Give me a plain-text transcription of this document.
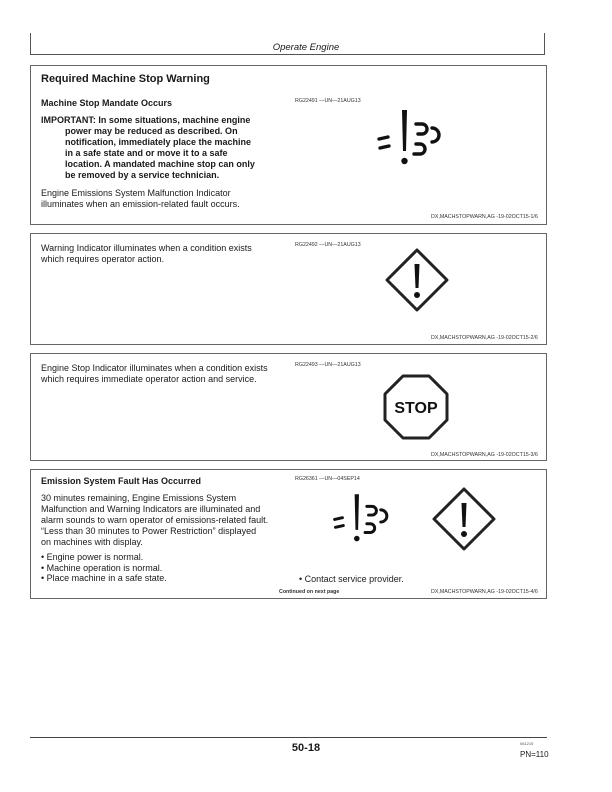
Operate Engine
Required Machine Stop Warning
Machine Stop Mandate Occurs
IMPORTANT: In some situations, machine engine
power may be reduced as described. On
notification, immediately place the machine
in a safe state and or move it to a safe
location. A mandated machine stop can only
be removed by a service technician.
Engine Emissions System Malfunction Indicator
illuminates when an emission-related fault occurs.
RG22491 —UN—21AUG13
DX,MACHSTOPWARN,AG -19-02OCT15-1/6
Warning Indicator illuminates when a condition exists
which requires operator action.
RG22492 —UN—21AUG13
DX,MACHSTOPWARN,AG -19-02OCT15-2/6
Engine Stop Indicator illuminates when a condition exists
which requires immediate operator action and service.
RG22493 —UN—21AUG13
STOP
DX,MACHSTOPWARN,AG -19-02OCT15-3/6
Emission System Fault Has Occurred
30 minutes remaining, Engine Emissions System
Malfunction and Warning Indicators are illuminated and
alarm sounds to warn operator of emissions-related fault.
“Less than 30 minutes to Power Restriction” displayed
on machines with display.
• Engine power is normal.
• Machine operation is normal.
• Place machine in a safe state.
RG26361 —UN—04SEP14
• Contact service provider.
Continued on next page	DX,MACHSTOPWARN,AG -19-02OCT15-4/6
50-18	061215
PN=110
